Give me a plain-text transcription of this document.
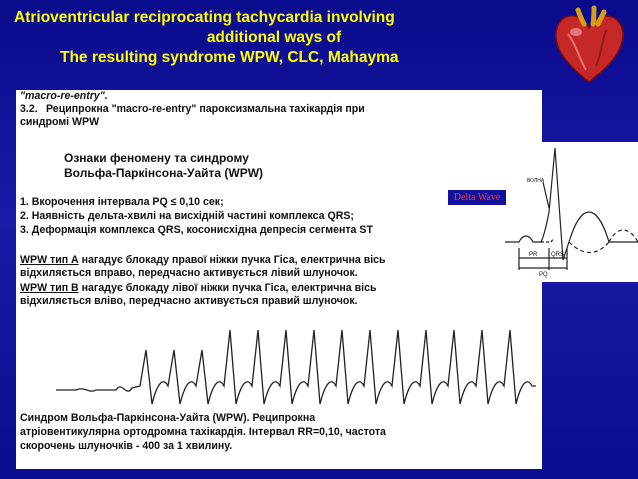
Atrioventricular reciprocating tachycardia involving
additional ways of
The resulting syndrome WPW, CLC, Mahayma
"macro-re-entry".
3.2. Реципрокна "macro-re-entry" пароксизмальна тахікардія при
синдромі WPW
Ознаки феномену та синдрому
Вольфа-Паркінсона-Уайта (WPW)
1. Вкорочення інтервала PQ ≤ 0,10 сек;
2. Наявність дельта-хвилі на висхідній частині комплекса QRS;
3. Деформація комплекса QRS, косонисхідна депресія сегмента ST
WPW тип А нагадує блокаду правої ніжки пучка Гіса, електрична вісь
відхиляється вправо, передчасно активується лівий шлуночок.
WPW тип В нагадує блокаду лівої ніжки пучка Гіса, електрична вісь
відхиляється вліво, передчасно активується правий шлуночок.
PR QRS
PQ
ВОЛНА
Delta Wave
Синдром Вольфа-Паркінсона-Уайта (WPW). Реципрокна
атріовентикулярна ортодромна тахікардія. Інтервал RR=0,10, частота
скорочень шлуночків - 400 за 1 хвилину.
